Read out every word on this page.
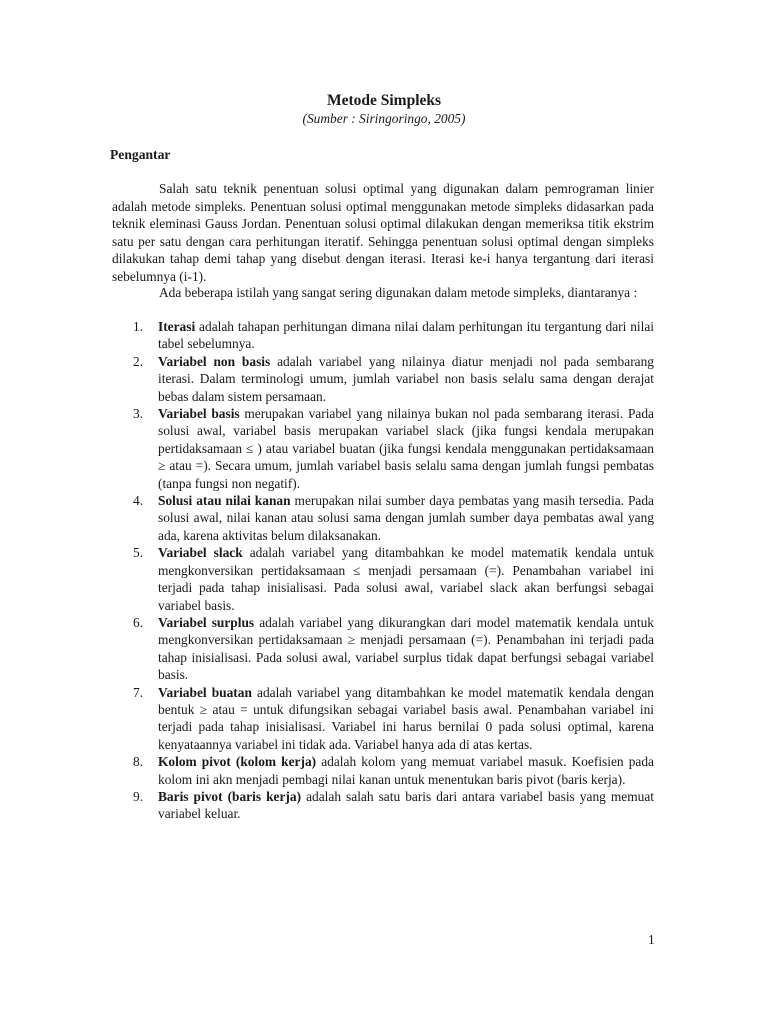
Metode Simpleks
(Sumber : Siringoringo, 2005)
Pengantar

Salah satu teknik penentuan solusi optimal yang digunakan dalam pemrograman linier adalah metode simpleks. Penentuan solusi optimal menggunakan metode simpleks didasarkan pada teknik eleminasi Gauss Jordan. Penentuan solusi optimal dilakukan dengan memeriksa titik ekstrim satu per satu dengan cara perhitungan iteratif. Sehingga penentuan solusi optimal dengan simpleks dilakukan tahap demi tahap yang disebut dengan iterasi. Iterasi ke-i hanya tergantung dari iterasi sebelumnya (i-1).

Ada beberapa istilah yang sangat sering digunakan dalam metode simpleks, diantaranya :

1. Iterasi adalah tahapan perhitungan dimana nilai dalam perhitungan itu tergantung dari nilai tabel sebelumnya.
2. Variabel non basis adalah variabel yang nilainya diatur menjadi nol pada sembarang iterasi. Dalam terminologi umum, jumlah variabel non basis selalu sama dengan derajat bebas dalam sistem persamaan.
3. Variabel basis merupakan variabel yang nilainya bukan nol pada sembarang iterasi. Pada solusi awal, variabel basis merupakan variabel slack (jika fungsi kendala merupakan pertidaksamaan ≤ ) atau variabel buatan (jika fungsi kendala menggunakan pertidaksamaan ≥ atau =). Secara umum, jumlah variabel basis selalu sama dengan jumlah fungsi pembatas (tanpa fungsi non negatif).
4. Solusi atau nilai kanan merupakan nilai sumber daya pembatas yang masih tersedia. Pada solusi awal, nilai kanan atau solusi sama dengan jumlah sumber daya pembatas awal yang ada, karena aktivitas belum dilaksanakan.
5. Variabel slack adalah variabel yang ditambahkan ke model matematik kendala untuk mengkonversikan pertidaksamaan ≤ menjadi persamaan (=). Penambahan variabel ini terjadi pada tahap inisialisasi. Pada solusi awal, variabel slack akan berfungsi sebagai variabel basis.
6. Variabel surplus adalah variabel yang dikurangkan dari model matematik kendala untuk mengkonversikan pertidaksamaan ≥ menjadi persamaan (=). Penambahan ini terjadi pada tahap inisialisasi. Pada solusi awal, variabel surplus tidak dapat berfungsi sebagai variabel basis.
7. Variabel buatan adalah variabel yang ditambahkan ke model matematik kendala dengan bentuk ≥ atau = untuk difungsikan sebagai variabel basis awal. Penambahan variabel ini terjadi pada tahap inisialisasi. Variabel ini harus bernilai 0 pada solusi optimal, karena kenyataannya variabel ini tidak ada. Variabel hanya ada di atas kertas.
8. Kolom pivot (kolom kerja) adalah kolom yang memuat variabel masuk. Koefisien pada kolom ini akn menjadi pembagi nilai kanan untuk menentukan baris pivot (baris kerja).
9. Baris pivot (baris kerja) adalah salah satu baris dari antara variabel basis yang memuat variabel keluar.
1
